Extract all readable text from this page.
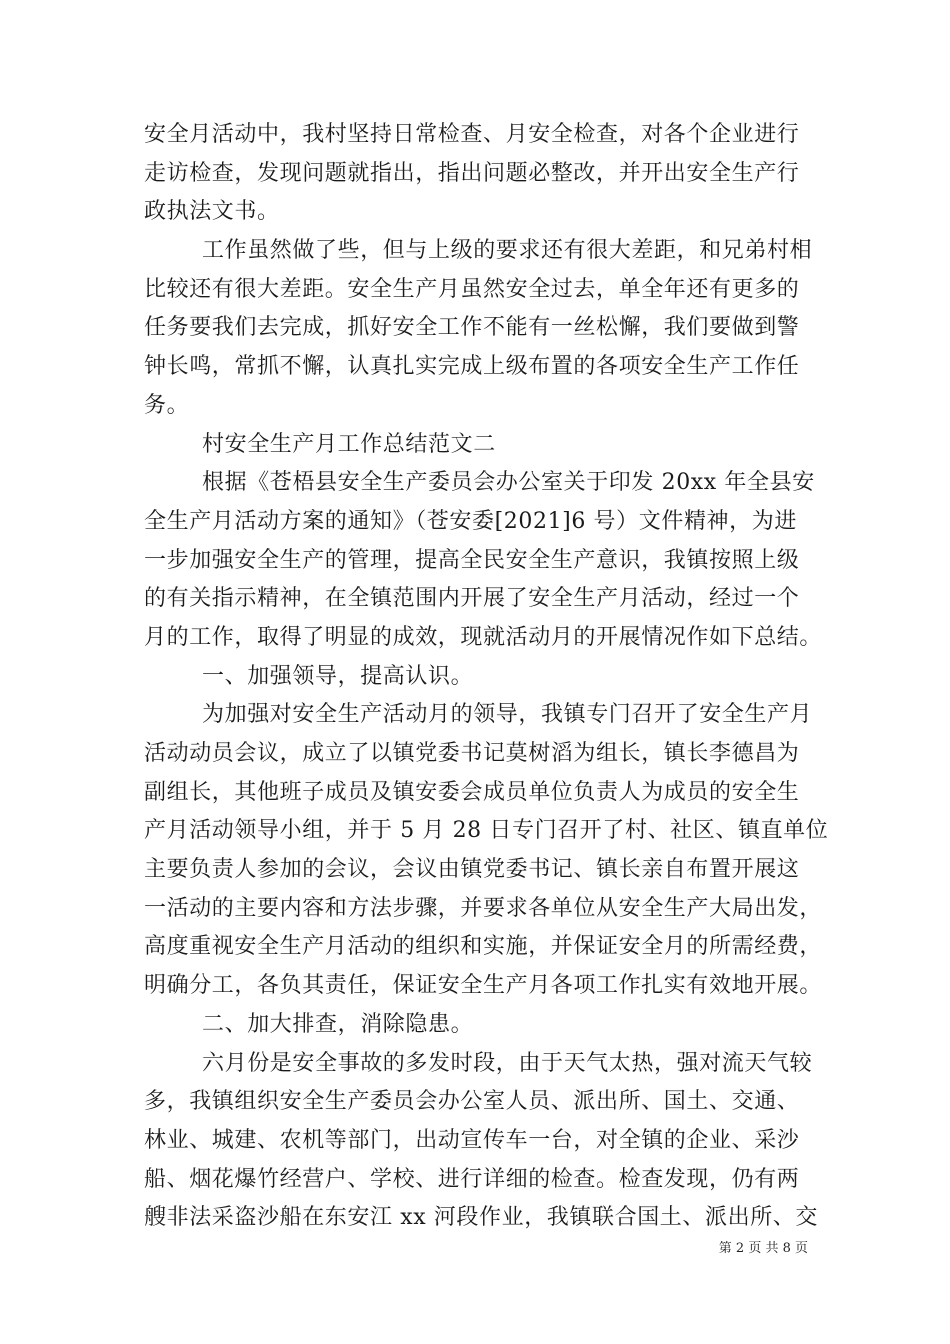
安全月活动中，我村坚持日常检查、月安全检查，对各个企业进行
走访检查，发现问题就指出，指出问题必整改，并开出安全生产行
政执法文书。
工作虽然做了些，但与上级的要求还有很大差距，和兄弟村相
比较还有很大差距。安全生产月虽然安全过去，单全年还有更多的
任务要我们去完成，抓好安全工作不能有一丝松懈，我们要做到警
钟长鸣，常抓不懈，认真扎实完成上级布置的各项安全生产工作任
务。
村安全生产月工作总结范文二
根据《苍梧县安全生产委员会办公室关于印发 20xx 年全县安
全生产月活动方案的通知》（苍安委[2021]6 号）文件精神，为进
一步加强安全生产的管理，提高全民安全生产意识，我镇按照上级
的有关指示精神，在全镇范围内开展了安全生产月活动，经过一个
月的工作，取得了明显的成效，现就活动月的开展情况作如下总结。
一、加强领导，提高认识。
为加强对安全生产活动月的领导，我镇专门召开了安全生产月
活动动员会议，成立了以镇党委书记莫树滔为组长，镇长李德昌为
副组长，其他班子成员及镇安委会成员单位负责人为成员的安全生
产月活动领导小组，并于 5 月 28 日专门召开了村、社区、镇直单位
主要负责人参加的会议，会议由镇党委书记、镇长亲自布置开展这
一活动的主要内容和方法步骤，并要求各单位从安全生产大局出发，
高度重视安全生产月活动的组织和实施，并保证安全月的所需经费，
明确分工，各负其责任，保证安全生产月各项工作扎实有效地开展。
二、加大排查，消除隐患。
六月份是安全事故的多发时段，由于天气太热，强对流天气较
多，我镇组织安全生产委员会办公室人员、派出所、国土、交通、
林业、城建、农机等部门，出动宣传车一台，对全镇的企业、采沙
船、烟花爆竹经营户、学校、进行详细的检查。检查发现，仍有两
艘非法采盗沙船在东安江 xx 河段作业，我镇联合国土、派出所、交
第 2 页 共 8 页
